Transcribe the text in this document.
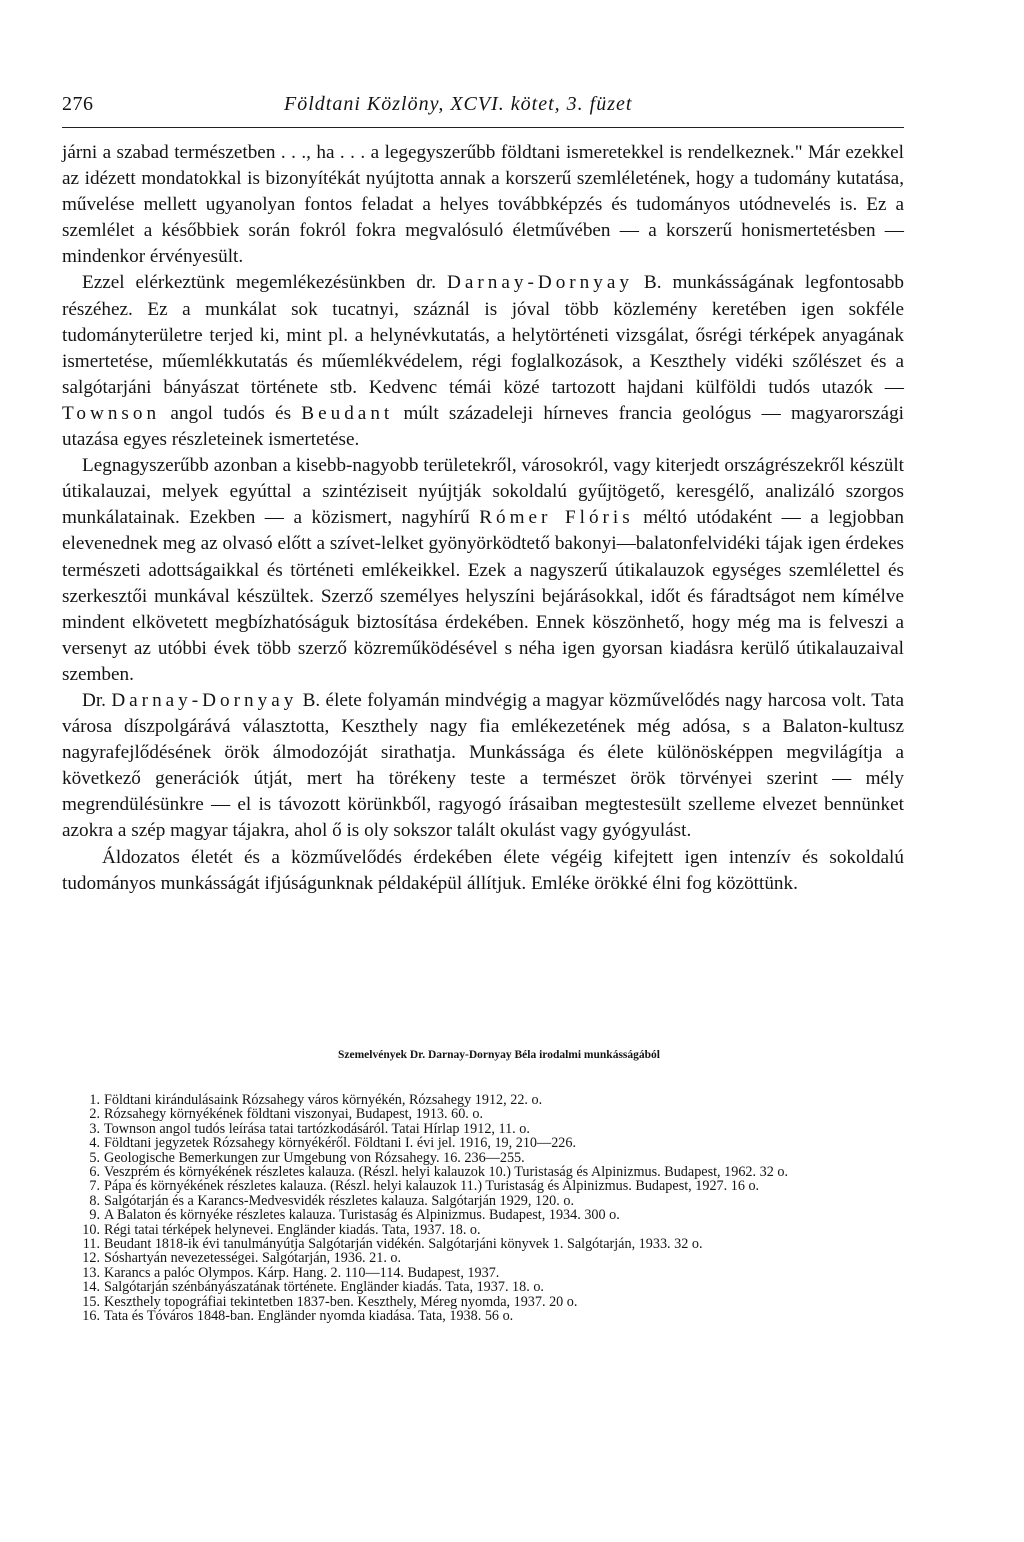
276	Földtani Közlöny, XCVI. kötet, 3. füzet

járni a szabad természetben . . ., ha . . . a legegyszerűbb földtani ismeretekkel is rendelkeznek." Már ezekkel az idézett mondatokkal is bizonyítékát nyújtotta annak a korszerű szemléletének, hogy a tudomány kutatása, művelése mellett ugyanolyan fontos feladat a helyes továbbképzés és tudományos utódnevelés is. Ez a szemlélet a későbbiek során fokról fokra megvalósuló életművében — a korszerű honismertetésben — mindenkor érvényesült.

Ezzel elérkeztünk megemlékezésünkben dr. Darnay-Dornyay B. munkásságának legfontosabb részéhez. Ez a munkálat sok tucatnyi, száznál is jóval több közlemény keretében igen sokféle tudományterületre terjed ki, mint pl. a helynévkutatás, a helytörténeti vizsgálat, ősrégi térképek anyagának ismertetése, műemlékkutatás és műemlékvédelem, régi foglalkozások, a Keszthely vidéki szőlészet és a salgótarjáni bányászat története stb. Kedvenc témái közé tartozott hajdani külföldi tudós utazók — Townson angol tudós és Beudant múlt századeleji hírneves francia geológus — magyarországi utazása egyes részleteinek ismertetése.

Legnagyszerűbb azonban a kisebb-nagyobb területekről, városokról, vagy kiterjedt országrészekről készült útikalauzai, melyek egyúttal a szintéziseit nyújtják sokoldalú gyűjtögető, keresgélő, analizáló szorgos munkálatainak. Ezekben — a közismert, nagyhírű Rómer Flóris méltó utódaként — a legjobban elevenednek meg az olvasó előtt a szívet-lelket gyönyörködtető bakonyi—balatonfelvidéki tájak igen érdekes természeti adottságaikkal és történeti emlékeikkel. Ezek a nagyszerű útikalauzok egységes szemlélettel és szerkesztői munkával készültek. Szerző személyes helyszíni bejárásokkal, időt és fáradtságot nem kímélve mindent elkövetett megbízhatóságuk biztosítása érdekében. Ennek köszönhető, hogy még ma is felveszi a versenyt az utóbbi évek több szerző közreműködésével s néha igen gyorsan kiadásra kerülő útikalauzaival szemben.

Dr. Darnay-Dornyay B. élete folyamán mindvégig a magyar közművelődés nagy harcosa volt. Tata városa díszpolgárává választotta, Keszthely nagy fia emlékezetének még adósa, s a Balaton-kultusz nagyrafejlődésének örök álmodozóját sirathatja. Munkássága és élete különösképpen megvilágítja a következő generációk útját, mert ha törékeny teste a természet örök törvényei szerint — mély megrendülésünkre — el is távozott körünkből, ragyogó írásaiban megtestesült szelleme elvezet bennünket azokra a szép magyar tájakra, ahol ő is oly sokszor talált okulást vagy gyógyulást.

Áldozatos életét és a közművelődés érdekében élete végéig kifejtett igen intenzív és sokoldalú tudományos munkásságát ifjúságunknak példaképül állítjuk. Emléke örökké élni fog közöttünk.

Szemelvények Dr. Darnay-Dornyay Béla irodalmi munkásságából
1 . Földtani kirándulásaink Rózsahegy város környékén, Rózsahegy 1912, 22. o.
2 . Rózsahegy környékének földtani viszonyai, Budapest, 1913. 60. o.
3 . Townson angol tudós leírása tatai tartózkodásáról. Tatai Hírlap 1912, 11. o.
4 . Földtani jegyzetek Rózsahegy környékéről. Földtani I. évi jel. 1916, 19, 210—226.
5 . Geologische Bemerkungen zur Umgebung von Rózsahegy. 16. 236—255.
6 . Veszprém és környékének részletes kalauza. (Részl. helyi kalauzok 10.) Turistaság és Alpinizmus. Budapest, 1962. 32 o.
7 . Pápa és környékének részletes kalauza. (Részl. helyi kalauzok 11.) Turistaság és Alpinizmus. Budapest, 1927. 16 o.
8 . Salgótarján és a Karancs-Medvesvidék részletes kalauza. Salgótarján 1929, 120. o.
9 . A Balaton és környéke részletes kalauza. Turistaság és Alpinizmus. Budapest, 1934. 300 o.
10 . Régi tatai térképek helynevei. Engländer kiadás. Tata, 1937. 18. o.
11 . Beudant 1818-ik évi tanulmányútja Salgótarján vidékén. Salgótarjáni könyvek 1. Salgótarján, 1933. 32 o.
12 . Sóshartyán nevezetességei. Salgótarján, 1936. 21. o.
13 . Karancs a palóc Olympos. Kárp. Hang. 2. 110—114. Budapest, 1937.
14 . Salgótarján szénbányászatának története. Engländer kiadás. Tata, 1937. 18. o.
15 . Keszthely topográfiai tekintetben 1837-ben. Keszthely, Méreg nyomda, 1937. 20 o.
16 . Tata és Tóváros 1848-ban. Engländer nyomda kiadása. Tata, 1938. 56 o.
